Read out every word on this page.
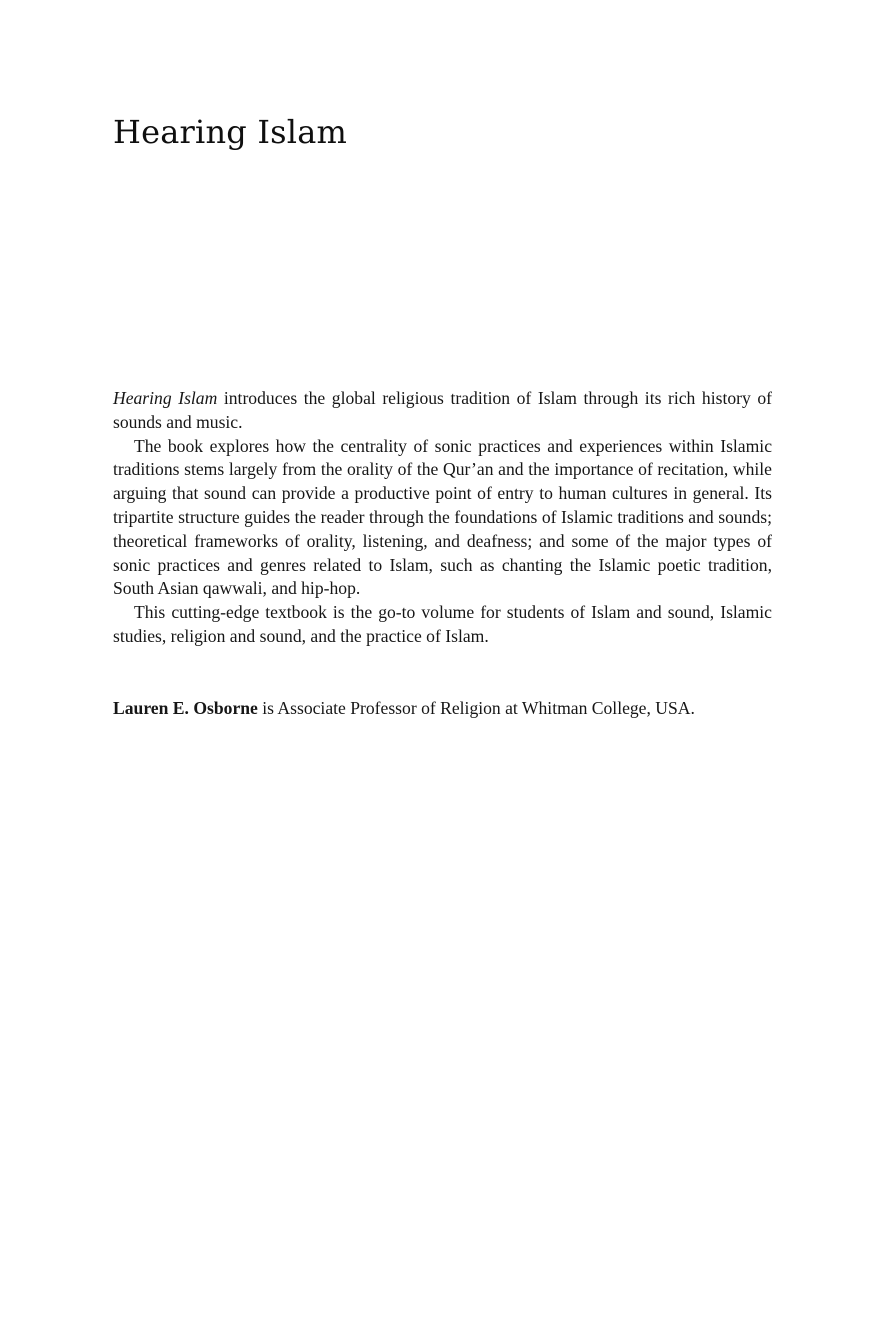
Hearing Islam

Hearing Islam introduces the global religious tradition of Islam through its rich history of sounds and music.

The book explores how the centrality of sonic practices and experiences within Islamic traditions stems largely from the orality of the Qur’an and the importance of recitation, while arguing that sound can provide a productive point of entry to human cultures in general. Its tripartite structure guides the reader through the foundations of Islamic traditions and sounds; theoretical frameworks of orality, listening, and deafness; and some of the major types of sonic practices and genres related to Islam, such as chanting the Islamic poetic tradition, South Asian qawwali, and hip-hop.

This cutting-edge textbook is the go-to volume for students of Islam and sound, Islamic studies, religion and sound, and the practice of Islam.

Lauren E. Osborne is Associate Professor of Religion at Whitman College, USA.
